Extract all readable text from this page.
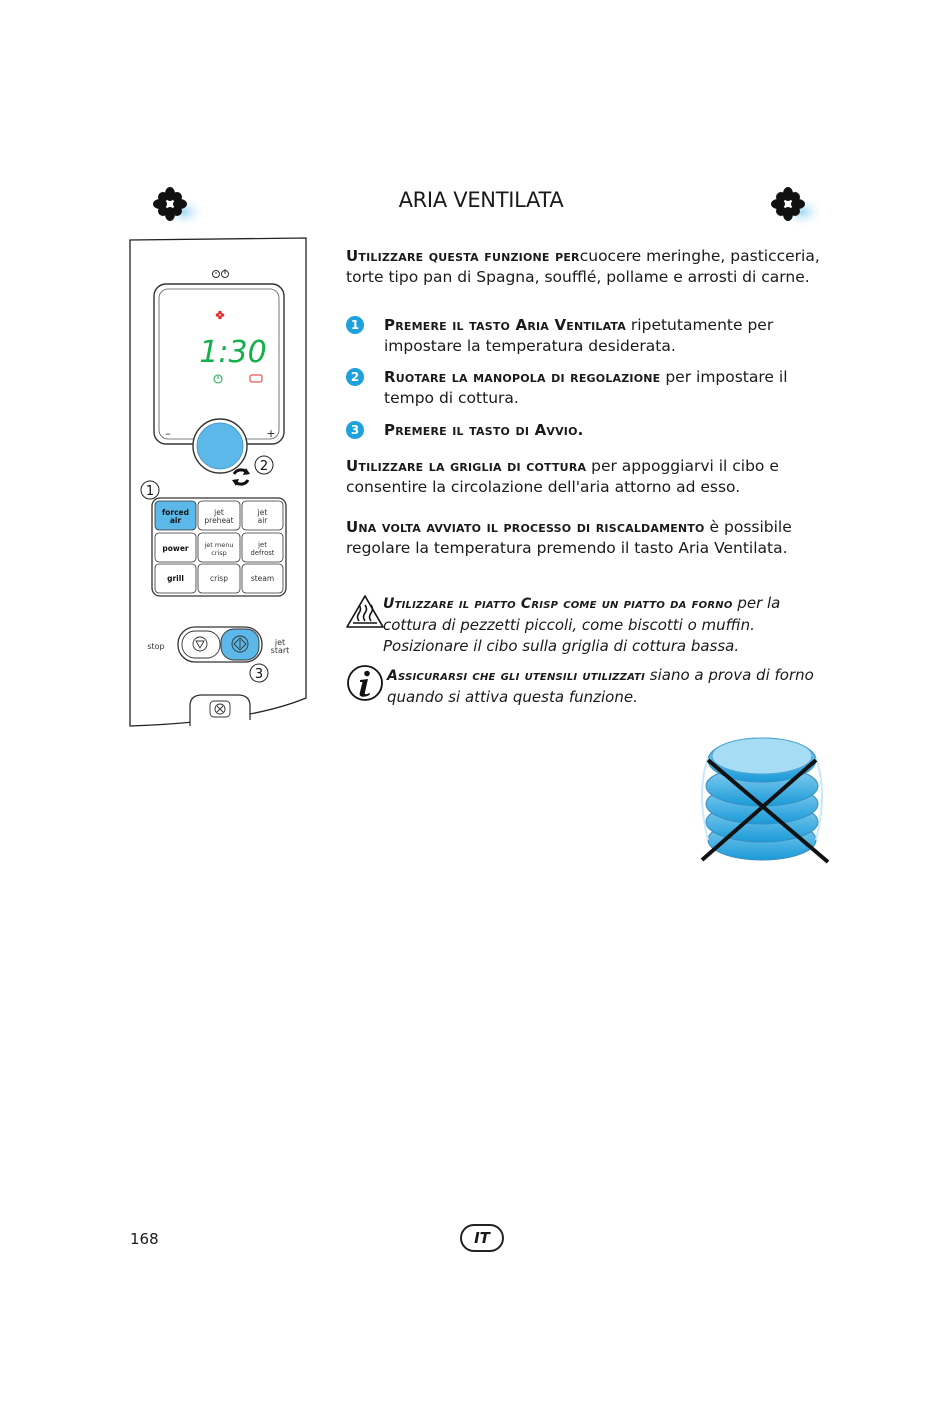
ARIA VENTILATA
1:30
–	+
2
1
forced air
jet preheat
jet air
power jet menu crisp
jet defrost
grill	crisp	steam
stop	jet start
3
Utilizzare questa funzione percuocere meringhe, pasticceria, torte tipo pan di Spagna, soufflé, pollame e arrosti di carne.
1	Premere il tasto Aria Ventilata ripetutamente per impostare la temperatura desiderata.
2	Ruotare la manopola di regolazione per impostare il tempo di cottura.
3	Premere il tasto di Avvio.
Utilizzare la griglia di cottura per appoggiarvi il cibo e consentire la circolazione dell'aria attorno ad esso.
Una volta avviato il processo di riscaldamento è possibile regolare la temperatura premendo il tasto Aria Ventilata.
Utilizzare il piatto Crisp come un piatto da forno per la cottura di pezzetti piccoli, come biscotti o muffin. Posizionare il cibo sulla griglia di cottura bassa.
Assicurarsi che gli utensili utilizzati siano a prova di forno quando si attiva questa funzione.
168	IT
